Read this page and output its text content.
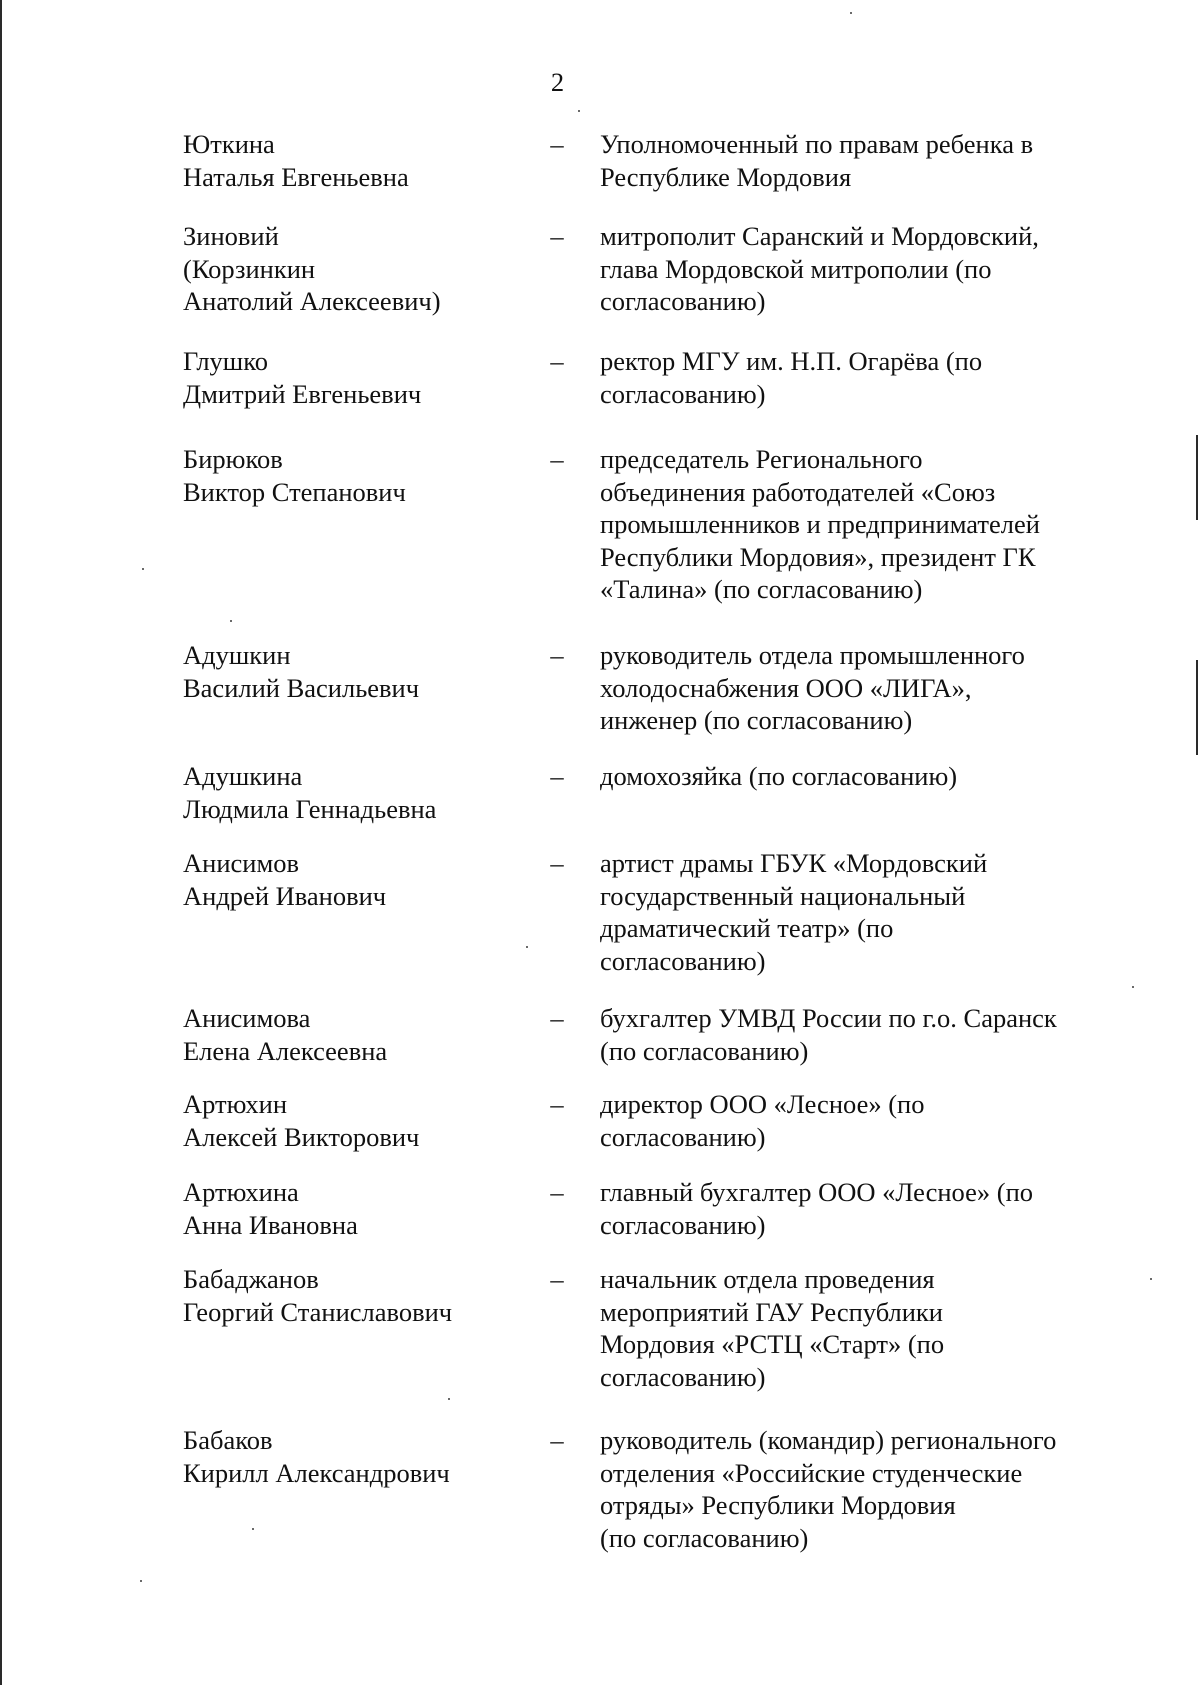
2
Юткина
Наталья Евгеньевна
– Уполномоченный по правам ребенка в
Республике Мордовия
Зиновий
(Корзинкин
Анатолий Алексеевич)
– митрополит Саранский и Мордовский,
глава Мордовской митрополии (по
согласованию)
Глушко
Дмитрий Евгеньевич
– ректор МГУ им. Н.П. Огарёва (по
согласованию)
Бирюков
Виктор Степанович
– председатель Регионального
объединения работодателей «Союз
промышленников и предпринимателей
Республики Мордовия», президент ГК
«Талина» (по согласованию)
Адушкин
Василий Васильевич
– руководитель отдела промышленного
холодоснабжения ООО «ЛИГА»,
инженер (по согласованию)
Адушкина
Людмила Геннадьевна
– домохозяйка (по согласованию)
Анисимов
Андрей Иванович
– артист драмы ГБУК «Мордовский
государственный национальный
драматический театр» (по
согласованию)
Анисимова
Елена Алексеевна
– бухгалтер УМВД России по г.о. Саранск
(по согласованию)
Артюхин
Алексей Викторович
– директор ООО «Лесное» (по
согласованию)
Артюхина
Анна Ивановна
– главный бухгалтер ООО «Лесное» (по
согласованию)
Бабаджанов
Георгий Станиславович
– начальник отдела проведения
мероприятий ГАУ Республики
Мордовия «РСТЦ «Старт» (по
согласованию)
Бабаков
Кирилл Александрович
– руководитель (командир) регионального
отделения «Российские студенческие
отряды» Республики Мордовия
(по согласованию)
